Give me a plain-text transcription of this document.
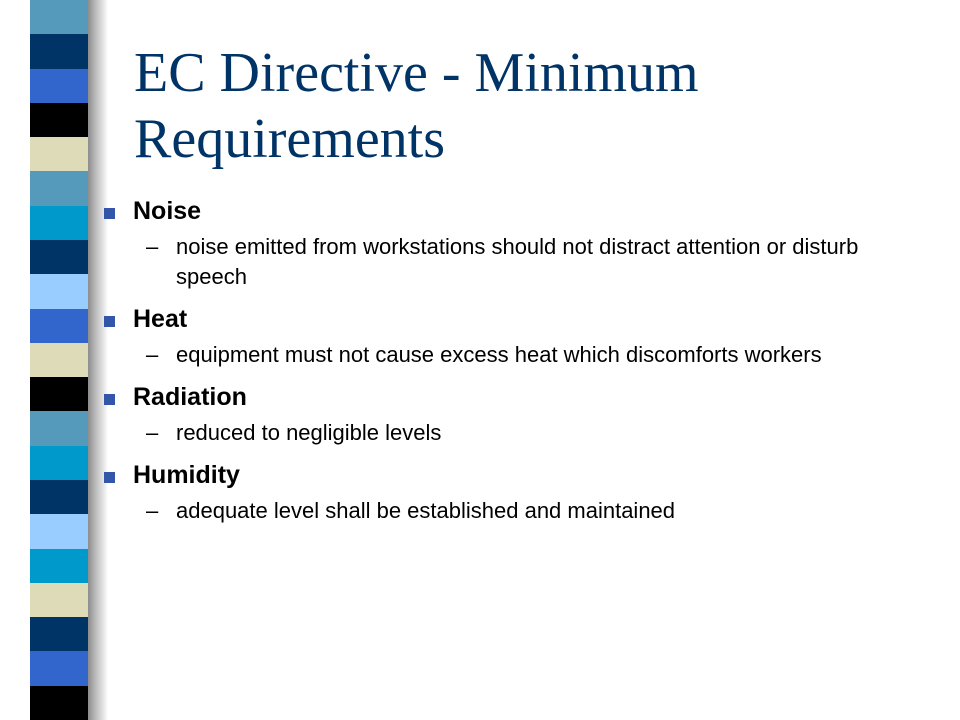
EC Directive - Minimum
Requirements
Noise
– noise emitted from workstations should not distract attention or disturb speech
Heat
– equipment must not cause excess heat which discomforts workers
Radiation
– reduced to negligible levels
Humidity
– adequate level shall be established and maintained
